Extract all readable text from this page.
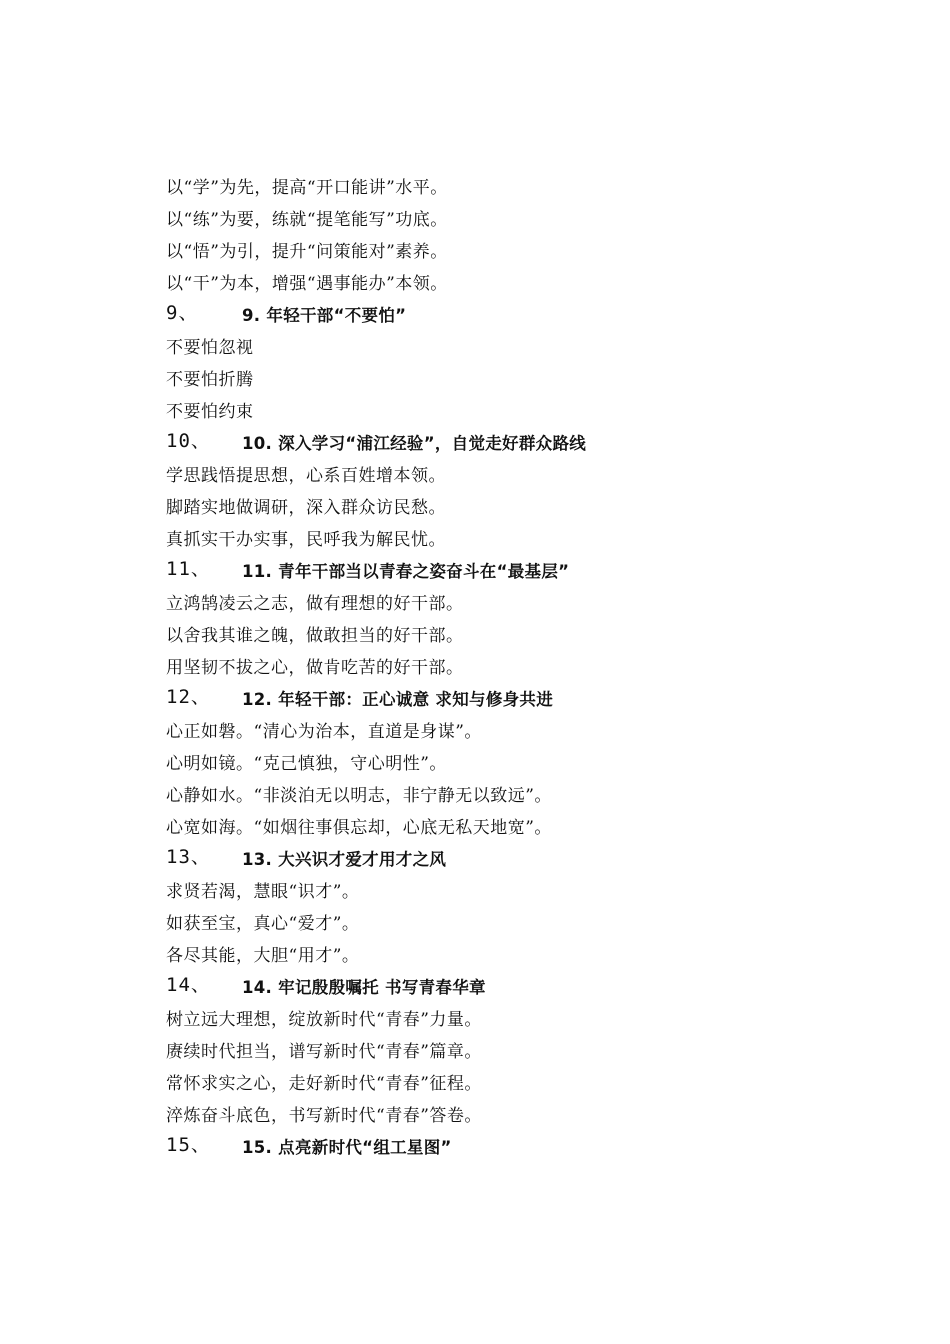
以“学”为先，提高“开口能讲”水平。
以“练”为要，练就“提笔能写”功底。
以“悟”为引，提升“问策能对”素养。
以“干”为本，增强“遇事能办”本领。
9、	9. 年轻干部“不要怕”
不要怕忽视
不要怕折腾
不要怕约束
10、 10. 深入学习“浦江经验”，自觉走好群众路线
学思践悟提思想，心系百姓增本领。
脚踏实地做调研，深入群众访民愁。
真抓实干办实事，民呼我为解民忧。
11、 11. 青年干部当以青春之姿奋斗在“最基层”
立鸿鹄凌云之志，做有理想的好干部。
以舍我其谁之魄，做敢担当的好干部。
用坚韧不拔之心，做肯吃苦的好干部。
12、 12. 年轻干部：正心诚意 求知与修身共进
心正如磐。“清心为治本，直道是身谋”。
心明如镜。“克己慎独，守心明性”。
心静如水。“非淡泊无以明志，非宁静无以致远”。
心宽如海。“如烟往事俱忘却，心底无私天地宽”。
13、 13. 大兴识才爱才用才之风
求贤若渴，慧眼“识才”。
如获至宝，真心“爱才”。
各尽其能，大胆“用才”。
14、 14. 牢记殷殷嘱托 书写青春华章
树立远大理想，绽放新时代“青春”力量。
赓续时代担当，谱写新时代“青春”篇章。
常怀求实之心，走好新时代“青春”征程。
淬炼奋斗底色，书写新时代“青春”答卷。
15、 15. 点亮新时代“组工星图”
